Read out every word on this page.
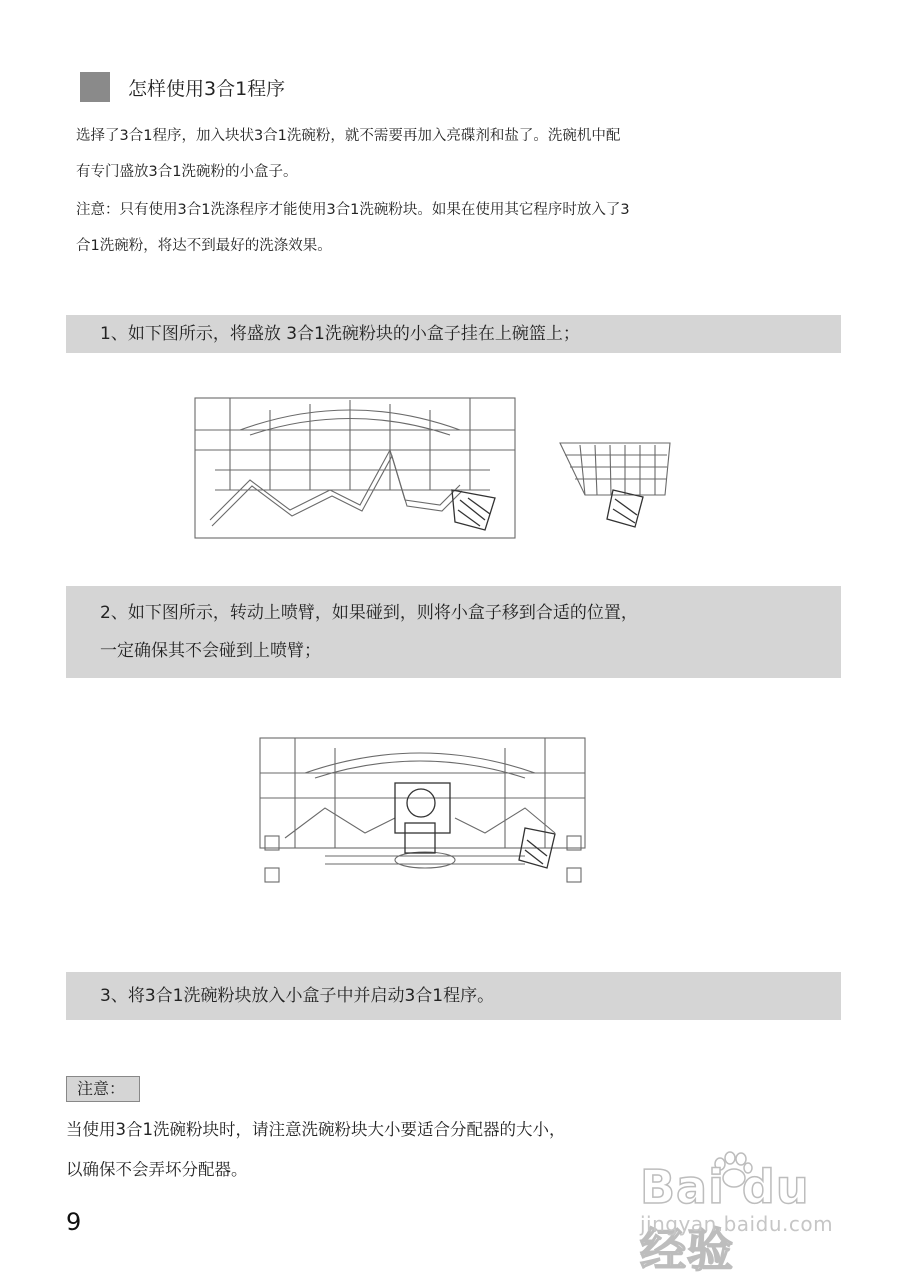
怎样使用3合1程序
选择了3合1程序，加入块状3合1洗碗粉，就不需要再加入亮碟剂和盐了。洗碗机中配
有专门盛放3合1洗碗粉的小盒子。
注意：只有使用3合1洗涤程序才能使用3合1洗碗粉块。如果在使用其它程序时放入了3
合1洗碗粉，将达不到最好的洗涤效果。
1、如下图所示，将盛放 3合1洗碗粉块的小盒子挂在上碗篮上；
2、如下图所示，转动上喷臂，如果碰到，则将小盒子移到合适的位置，
一定确保其不会碰到上喷臂；
3、将3合1洗碗粉块放入小盒子中并启动3合1程序。
注意：
当使用3合1洗碗粉块时，请注意洗碗粉块大小要适合分配器的大小，
以确保不会弄坏分配器。
9
Bai du 经验
jingyan.baidu.com
